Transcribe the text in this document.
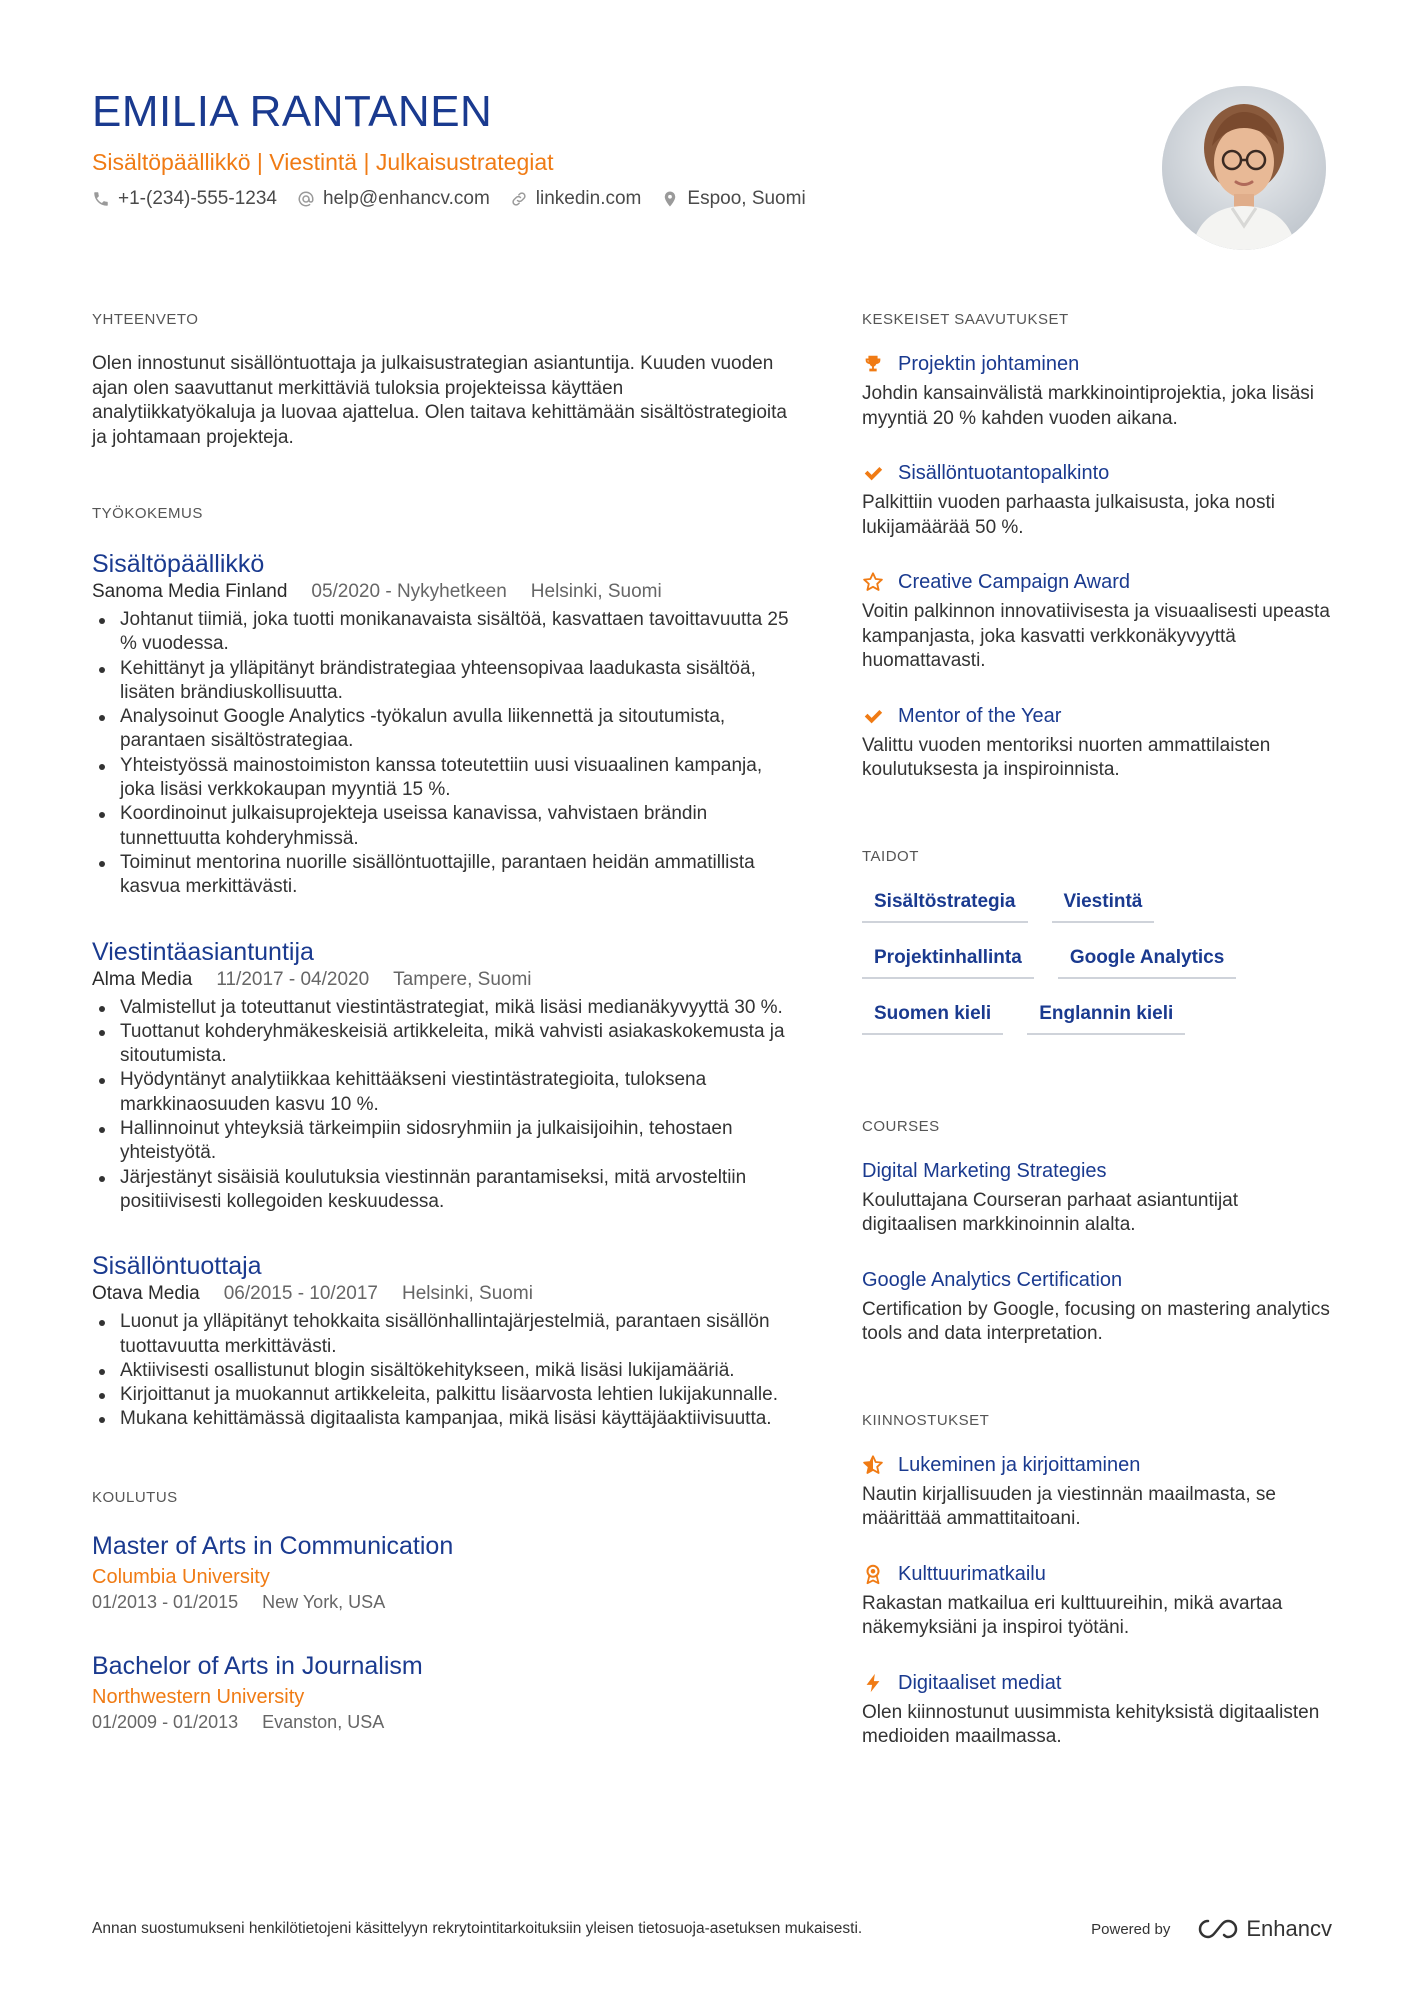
EMILIA RANTANEN
Sisältöpäällikkö | Viestintä | Julkaisustrategiat
+1-(234)-555-1234 help@enhancv.com linkedin.com Espoo, Suomi
YHTEENVETO

Olen innostunut sisällöntuottaja ja julkaisustrategian asiantuntija. Kuuden vuoden ajan olen saavuttanut merkittäviä tuloksia projekteissa käyttäen analytiikkatyökaluja ja luovaa ajattelua. Olen taitava kehittämään sisältöstrategioita ja johtamaan projekteja.

TYÖKOKEMUS
Sisältöpäällikkö
Sanoma Media Finland 05/2020 - Nykyhetkeen Helsinki, Suomi
Johtanut tiimiä, joka tuotti monikanavaista sisältöä, kasvattaen tavoittavuutta 25 % vuodessa.
Kehittänyt ja ylläpitänyt brändistrategiaa yhteensopivaa laadukasta sisältöä, lisäten brändiuskollisuutta.
Analysoinut Google Analytics -työkalun avulla liikennettä ja sitoutumista, parantaen sisältöstrategiaa.
Yhteistyössä mainostoimiston kanssa toteutettiin uusi visuaalinen kampanja, joka lisäsi verkkokaupan myyntiä 15 %.
Koordinoinut julkaisuprojekteja useissa kanavissa, vahvistaen brändin tunnettuutta kohderyhmissä.
Toiminut mentorina nuorille sisällöntuottajille, parantaen heidän ammatillista kasvua merkittävästi.
Viestintäasiantuntija
Alma Media 11/2017 - 04/2020 Tampere, Suomi
Valmistellut ja toteuttanut viestintästrategiat, mikä lisäsi medianäkyvyyttä 30 %.
Tuottanut kohderyhmäkeskeisiä artikkeleita, mikä vahvisti asiakaskokemusta ja sitoutumista.
Hyödyntänyt analytiikkaa kehittääkseni viestintästrategioita, tuloksena markkinaosuuden kasvu 10 %.
Hallinnoinut yhteyksiä tärkeimpiin sidosryhmiin ja julkaisijoihin, tehostaen yhteistyötä.
Järjestänyt sisäisiä koulutuksia viestinnän parantamiseksi, mitä arvosteltiin positiivisesti kollegoiden keskuudessa.
Sisällöntuottaja
Otava Media 06/2015 - 10/2017 Helsinki, Suomi
Luonut ja ylläpitänyt tehokkaita sisällönhallintajärjestelmiä, parantaen sisällön tuottavuutta merkittävästi.
Aktiivisesti osallistunut blogin sisältökehitykseen, mikä lisäsi lukijamääriä.
Kirjoittanut ja muokannut artikkeleita, palkittu lisäarvosta lehtien lukijakunnalle.
Mukana kehittämässä digitaalista kampanjaa, mikä lisäsi käyttäjäaktiivisuutta.
KOULUTUS
Master of Arts in Communication
Columbia University
01/2013 - 01/2015 New York, USA
Bachelor of Arts in Journalism
Northwestern University
01/2009 - 01/2013 Evanston, USA
KESKEISET SAAVUTUKSET
Projektin johtaminen
Johdin kansainvälistä markkinointiprojektia, joka lisäsi myyntiä 20 % kahden vuoden aikana.
Sisällöntuotantopalkinto
Palkittiin vuoden parhaasta julkaisusta, joka nosti lukijamäärää 50 %.
Creative Campaign Award
Voitin palkinnon innovatiivisesta ja visuaalisesti upeasta kampanjasta, joka kasvatti verkkonäkyvyyttä huomattavasti.
Mentor of the Year
Valittu vuoden mentoriksi nuorten ammattilaisten koulutuksesta ja inspiroinnista.
TAIDOT
Sisältöstrategia	Viestintä
Projektinhallinta	Google Analytics
Suomen kieli	Englannin kieli
COURSES
Digital Marketing Strategies
Kouluttajana Courseran parhaat asiantuntijat digitaalisen markkinoinnin alalta.
Google Analytics Certification
Certification by Google, focusing on mastering analytics tools and data interpretation.
KIINNOSTUKSET
Lukeminen ja kirjoittaminen
Nautin kirjallisuuden ja viestinnän maailmasta, se määrittää ammattitaitoani.
Kulttuurimatkailu
Rakastan matkailua eri kulttuureihin, mikä avartaa näkemyksiäni ja inspiroi työtäni.
Digitaaliset mediat
Olen kiinnostunut uusimmista kehityksistä digitaalisten medioiden maailmassa.
Annan suostumukseni henkilötietojeni käsittelyyn rekrytointitarkoituksiin yleisen tietosuoja-asetuksen mukaisesti.	Powered by	Enhancv
